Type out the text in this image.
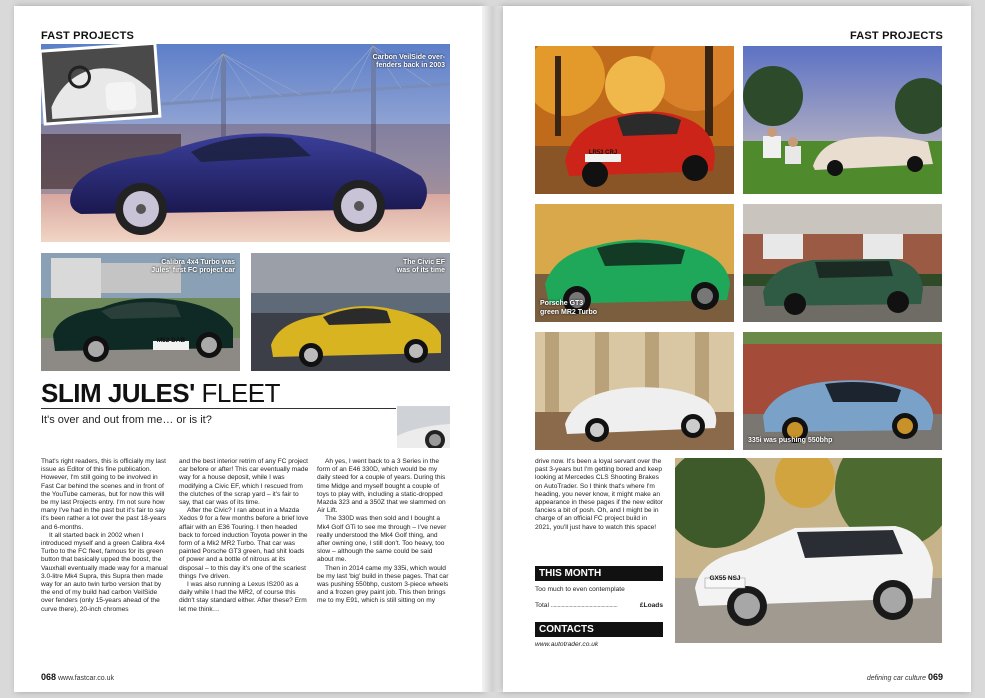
FAST PROJECTS
Carbon VeilSide over-
fenders back in 2003
M52 DAB
Calibra 4x4 Turbo was
Jules' first FC project car
The Civic EF
was of its time
SLIM JULES' FLEET
It's over and out from me… or is it?

That's right readers, this is officially my last issue as Editor of this fine publication. However, I'm still going to be involved in Fast Car behind the scenes and in front of the YouTube cameras, but for now this will be my last Projects entry. I'm not sure how many I've had in the past but it's fair to say it's been rather a lot over the past 18-years and 6-months.

It all started back in 2002 when I introduced myself and a green Calibra 4x4 Turbo to the FC fleet, famous for its green button that basically upped the boost, the Vauxhall eventually made way for a manual 3.0-litre Mk4 Supra, this Supra then made way for an auto twin turbo version that by the end of my build had carbon VeilSide over fenders (only 15-years ahead of the curve there), 20-inch chromes

and the best interior retrim of any FC project car before or after! This car eventually made way for a house deposit, while I was modifying a Civic EF, which I rescued from the clutches of the scrap yard – it's fair to say, that car was of its time.

After the Civic? I ran about in a Mazda Xedos 9 for a few months before a brief love affair with an E36 Touring. I then headed back to forced induction Toyota power in the form of a Mk2 MR2 Turbo. That car was painted Porsche GT3 green, had shit loads of power and a bottle of nitrous at its disposal – to this day it's one of the scariest things I've driven.

I was also running a Lexus IS200 as a daily while I had the MR2, of course this didn't stay standard either. After these? Erm let me think…

Ah yes, I went back to a 3 Series in the form of an E46 330D, which would be my daily steed for a couple of years. During this time Midge and myself bought a couple of toys to play with, including a static-dropped Mazda 323 and a 350Z that we slammed on Air Lift.

The 330D was then sold and I bought a Mk4 Golf GTi to see me through – I've never really understood the Mk4 Golf thing, and after owning one, I still don't. Too heavy, too slow – although the same could be said about me.

Then in 2014 came my 335i, which would be my last 'big' build in these pages. That car was pushing 550bhp, custom 3-piece wheels and a frozen grey paint job. This then brings me to my E91, which is still sitting on my

068 www.fastcar.co.uk
FAST PROJECTS
LR53 CRJ
Porsche GT3
green MR2 Turbo
335i was pushing 550bhp
drive now. It's been a loyal servant over the past 3-years but I'm getting bored and keep looking at Mercedes CLS Shooting Brakes on AutoTrader. So I think that's where I'm heading, you never know, it might make an appearance in these pages if the new editor fancies a bit of posh. Oh, and I might be in charge of an official FC project build in 2021, you'll just have to watch this space!
GX55 NSJ
THIS MONTH
Too much to even contemplate
Total ..................................................	£Loads
CONTACTS
www.autotrader.co.uk
defining car culture 069
